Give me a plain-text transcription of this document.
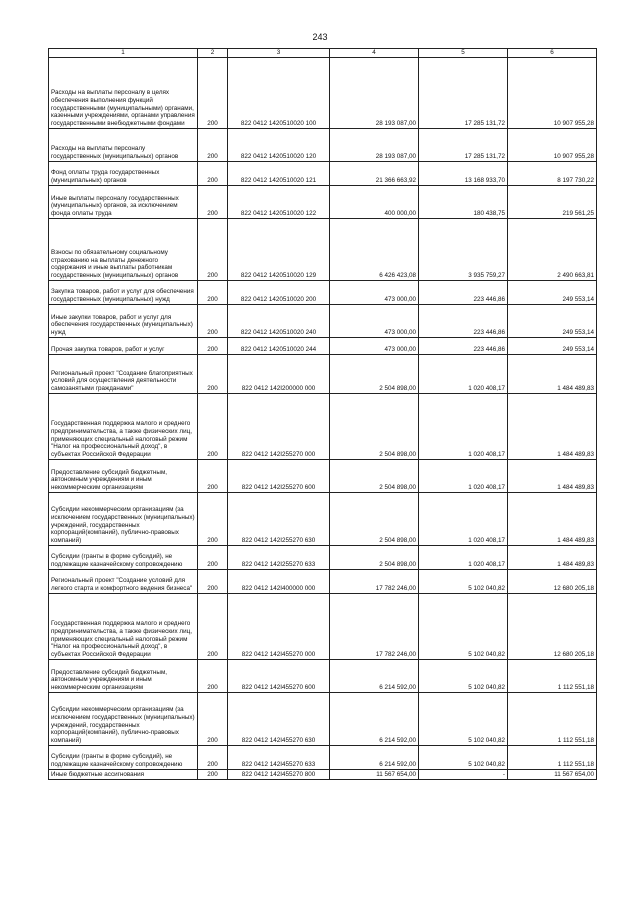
243
1	2	3	4	5	6
Расходы на выплаты персоналу в целях обеспечения выполнения функций государственными (муниципальными) органами, казенными учреждениями, органами управления государственными внебюджетными фондами	200	822 0412 1420510020 100	28 193 087,00	17 285 131,72	10 907 955,28
Расходы на выплаты персоналу государственных (муниципальных) органов	200	822 0412 1420510020 120	28 193 087,00	17 285 131,72	10 907 955,28
Фонд оплаты труда государственных (муниципальных) органов	200	822 0412 1420510020 121	21 366 663,92	13 168 933,70	8 197 730,22
Иные выплаты персоналу государственных (муниципальных) органов, за исключением фонда оплаты труда	200	822 0412 1420510020 122	400 000,00	180 438,75	219 561,25
Взносы по обязательному социальному страхованию на выплаты денежного содержания и иные выплаты работникам государственных (муниципальных) органов	200	822 0412 1420510020 129	6 426 423,08	3 935 759,27	2 490 663,81
Закупка товаров, работ и услуг для обеспечения государственных (муниципальных) нужд	200	822 0412 1420510020 200	473 000,00	223 446,86	249 553,14
Иные закупки товаров, работ и услуг для обеспечения государственных (муниципальных) нужд	200	822 0412 1420510020 240	473 000,00	223 446,86	249 553,14
Прочая закупка товаров, работ и услуг	200	822 0412 1420510020 244	473 000,00	223 446,86	249 553,14
Региональный проект "Создание благоприятных условий для осуществления деятельности самозанятыми гражданами"	200	822 0412 142I200000 000	2 504 898,00	1 020 408,17	1 484 489,83
Государственная поддержка малого и среднего предпринимательства, а также физических лиц, применяющих специальный налоговый режим "Налог на профессиональный доход", в субъектах Российской Федерации	200	822 0412 142I255270 000	2 504 898,00	1 020 408,17	1 484 489,83
Предоставление субсидий бюджетным, автономным учреждениям и иным некоммерческим организациям	200	822 0412 142I255270 600	2 504 898,00	1 020 408,17	1 484 489,83
Субсидии некоммерческим организациям (за исключением государственных (муниципальных) учреждений, государственных корпораций(компаний), публично-правовых компаний)	200	822 0412 142I255270 630	2 504 898,00	1 020 408,17	1 484 489,83
Субсидии (гранты в форме субсидий), не подлежащие казначейскому сопровождению	200	822 0412 142I255270 633	2 504 898,00	1 020 408,17	1 484 489,83
Региональный проект "Создание условий для легкого старта и комфортного ведения бизнеса"	200	822 0412 142I400000 000	17 782 246,00	5 102 040,82	12 680 205,18
Государственная поддержка малого и среднего предпринимательства, а также физических лиц, применяющих специальный налоговый режим "Налог на профессиональный доход", в субъектах Российской Федерации	200	822 0412 142I455270 000	17 782 246,00	5 102 040,82	12 680 205,18
Предоставление субсидий бюджетным, автономным учреждениям и иным некоммерческим организациям	200	822 0412 142I455270 600	6 214 592,00	5 102 040,82	1 112 551,18
Субсидии некоммерческим организациям (за исключением государственных (муниципальных) учреждений, государственных корпораций(компаний), публично-правовых компаний)	200	822 0412 142I455270 630	6 214 592,00	5 102 040,82	1 112 551,18
Субсидии (гранты в форме субсидий), не подлежащие казначейскому сопровождению	200	822 0412 142I455270 633	6 214 592,00	5 102 040,82	1 112 551,18
Иные бюджетные ассигнования	200	822 0412 142I455270 800	11 567 654,00	-	11 567 654,00
